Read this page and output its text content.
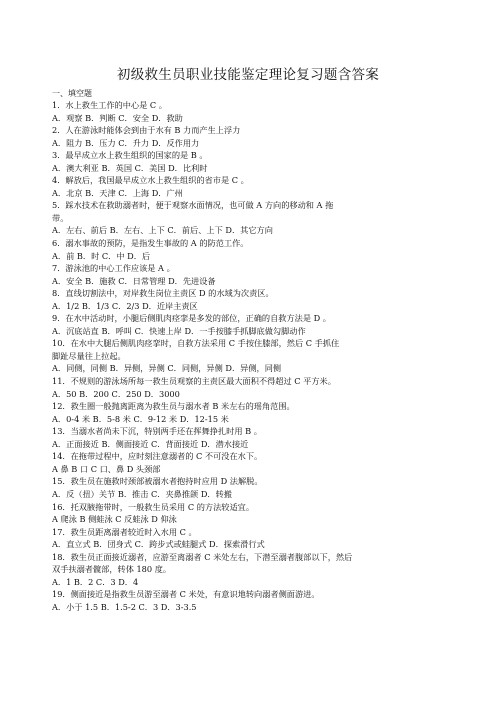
初级救生员职业技能鉴定理论复习题含答案
一、填空题
1．水上救生工作的中心是 C 。
A．观察 B．判断 C．安全 D．救助
2．人在游泳时能体会到由于水有 B 力而产生上浮力
A．阻力 B．压力 C．升力 D．反作用力
3．最早成立水上救生组织的国家的是 B 。
A．澳大利亚 B．英国 C．美国 D．比利时
4．解放后，我国最早成立水上救生组织的省市是 C 。
A．北京 B．天津 C．上海 D．广州
5．踩水技术在救助溺者时，便于观察水面情况，也可做 A 方向的移动和 A 拖
带。
A．左右、前后 B．左右、上下 C．前后、上下 D．其它方向
6．溺水事故的预防，是指发生事故的 A 的防范工作。
A．前 B．时 C．中 D．后
7．游泳池的中心工作应该是 A 。
A．安全 B．施救 C．日常管理 D．先进设备
8．直线切割法中，对岸救生岗位主责区 D 的水域为次责区。
A．1/2 B．1/3 C．2/3 D．近岸主责区
9．在水中活动时，小腿后侧肌肉痉挛是多发的部位，正确的自救方法是 D 。
A．沉底站直 B．呼叫 C．快速上岸 D．一手按膝手抓脚底做勾脚动作
10．在水中大腿后侧肌肉痉挛时，自救方法采用 C 手按住膝部，然后 C 手抓住
脚趾尽量往上拉起。
A．同侧，同侧 B．异侧，异侧 C．同侧，异侧 D．异侧，同侧
11．不规则的游泳场所每一救生员观察的主责区最大面积不得超过 C 平方米。
A．50 B．200 C．250 D．3000
12．救生圈一般抛离距离为救生员与溺水者 B 米左右的瑶角范围。
A．0-4 米 B．5-8 米 C．9-12 米 D．12-15 米
13．当溺水者尚未下沉，特别两手还在挥舞挣扎时用 B 。
A．正面接近 B．侧面接近 C．背面接近 D．潜水接近
14．在拖带过程中，应时刻注意溺者的 C 不可没在水下。
A 鼻 B 口 C 口、鼻 D 头颈部
15．救生员在施救时颈部被溺水者抱持时应用 D 法解脱。
A．反（扭）关节 B．推击 C．夹鼻推颌 D．转搬
16．托双腋拖带时，一般救生员采用 C 的方法较适宜。
A 爬泳 B 侧蛙泳 C 反蛙泳 D 仰泳
17．救生员距离溺者较近时入水用 C 。
A．直立式 B．団身式 C．跨步式或蛙腿式 D．探索滑行式
18．救生员正面接近溺者，应游至离溺者 C 米处左右，下潜至溺者腹部以下，然后
双手扶溺者髋部，转体 180 度。
A．1 B．2 C．3 D．4
19．侧面接近是指救生员游至溺者 C 米处，有意识地转向溺者侧面游进。
A．小于 1.5 B．1.5-2 C．3 D．3-3.5
